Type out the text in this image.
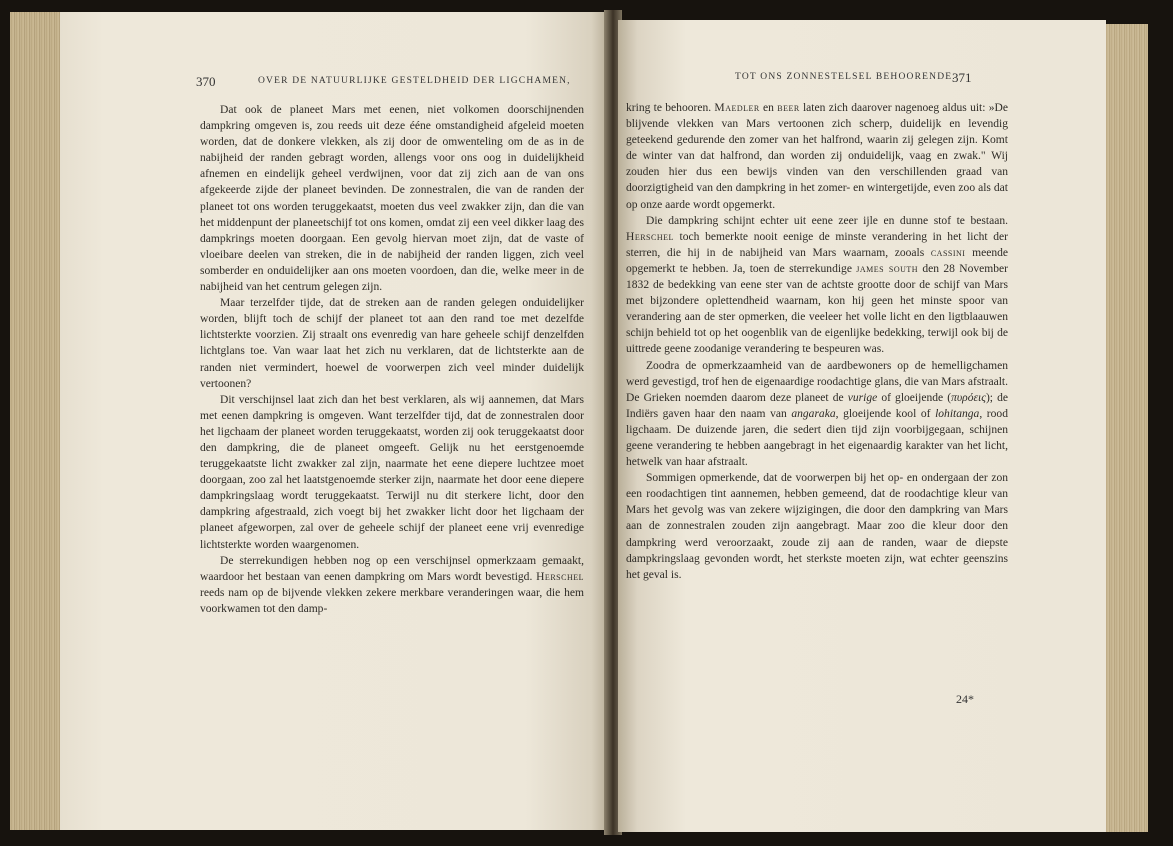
370	OVER DE NATUURLIJKE GESTELDHEID DER LIGCHAMEN,

Dat ook de planeet Mars met eenen, niet volkomen doorschijnenden dampkring omgeven is, zou reeds uit deze ééne omstandigheid afgeleid moeten worden, dat de donkere vlekken, als zij door de omwenteling om de as in de nabijheid der randen gebragt worden, allengs voor ons oog in duidelijkheid afnemen en eindelijk geheel verdwijnen, voor dat zij zich aan de van ons afgekeerde zijde der planeet bevinden. De zonnestralen, die van de randen der planeet tot ons worden teruggekaatst, moeten dus veel zwakker zijn, dan die van het middenpunt der planeetschijf tot ons komen, omdat zij een veel dikker laag des dampkrings moeten doorgaan. Een gevolg hiervan moet zijn, dat de vaste of vloeibare deelen van streken, die in de nabijheid der randen liggen, zich veel somberder en onduidelijker aan ons moeten voordoen, dan die, welke meer in de nabijheid van het centrum gelegen zijn.

Maar terzelfder tijde, dat de streken aan de randen gelegen onduidelijker worden, blijft toch de schijf der planeet tot aan den rand toe met dezelfde lichtsterkte voorzien. Zij straalt ons evenredig van hare geheele schijf denzelfden lichtglans toe. Van waar laat het zich nu verklaren, dat de lichtsterkte aan de randen niet vermindert, hoewel de voorwerpen zich veel minder duidelijk vertoonen?

Dit verschijnsel laat zich dan het best verklaren, als wij aannemen, dat Mars met eenen dampkring is omgeven. Want terzelfder tijd, dat de zonnestralen door het ligchaam der planeet worden teruggekaatst, worden zij ook teruggekaatst door den dampkring, die de planeet omgeeft. Gelijk nu het eerstgenoemde teruggekaatste licht zwakker zal zijn, naarmate het eene diepere luchtzee moet doorgaan, zoo zal het laatstgenoemde sterker zijn, naarmate het door eene diepere dampkringslaag wordt teruggekaatst. Terwijl nu dit sterkere licht, door den dampkring afgestraald, zich voegt bij het zwakker licht door het ligchaam der planeet afgeworpen, zal over de geheele schijf der planeet eene vrij evenredige lichtsterkte worden waargenomen.

De sterrekundigen hebben nog op een verschijnsel opmerkzaam gemaakt, waardoor het bestaan van eenen dampkring om Mars wordt bevestigd. Herschel reeds nam op de bijvende vlekken zekere merkbare veranderingen waar, die hem voorkwamen tot den damp-

TOT ONS ZONNESTELSEL BEHOORENDE.
371

kring te behooren. Maedler en beer laten zich daarover nagenoeg aldus uit: »De blijvende vlekken van Mars vertoonen zich scherp, duidelijk en levendig geteekend gedurende den zomer van het halfrond, waarin zij gelegen zijn. Komt de winter van dat halfrond, dan worden zij onduidelijk, vaag en zwak." Wij zouden hier dus een bewijs vinden van den verschillenden graad van doorzigtigheid van den dampkring in het zomer- en wintergetijde, even zoo als dat op onze aarde wordt opgemerkt.

Die dampkring schijnt echter uit eene zeer ijle en dunne stof te bestaan. Herschel toch bemerkte nooit eenige de minste verandering in het licht der sterren, die hij in de nabijheid van Mars waarnam, zooals cassini meende opgemerkt te hebben. Ja, toen de sterrekundige james south den 28 November 1832 de bedekking van eene ster van de achtste grootte door de schijf van Mars met bijzondere oplettendheid waarnam, kon hij geen het minste spoor van verandering aan de ster opmerken, die veeleer het volle licht en den ligtblaauwen schijn behield tot op het oogenblik van de eigenlijke bedekking, terwijl ook bij de uittrede geene zoodanige verandering te bespeuren was.

Zoodra de opmerkzaamheid van de aardbewoners op de hemelligchamen werd gevestigd, trof hen de eigenaardige roodachtige glans, die van Mars afstraalt. De Grieken noemden daarom deze planeet de vurige of gloeijende (πυρόεις); de Indiërs gaven haar den naam van angaraka, gloeijende kool of lohitanga, rood ligchaam. De duizende jaren, die sedert dien tijd zijn voorbijgegaan, schijnen geene verandering te hebben aangebragt in het eigenaardig karakter van het licht, hetwelk van haar afstraalt.

Sommigen opmerkende, dat de voorwerpen bij het op- en ondergaan der zon een roodachtigen tint aannemen, hebben gemeend, dat de roodachtige kleur van Mars het gevolg was van zekere wijzigingen, die door den dampkring van Mars aan de zonnestralen zouden zijn aangebragt. Maar zoo die kleur door den dampkring werd veroorzaakt, zoude zij aan de randen, waar de diepste dampkringslaag gevonden wordt, het sterkste moeten zijn, wat echter geenszins het geval is.

24*
